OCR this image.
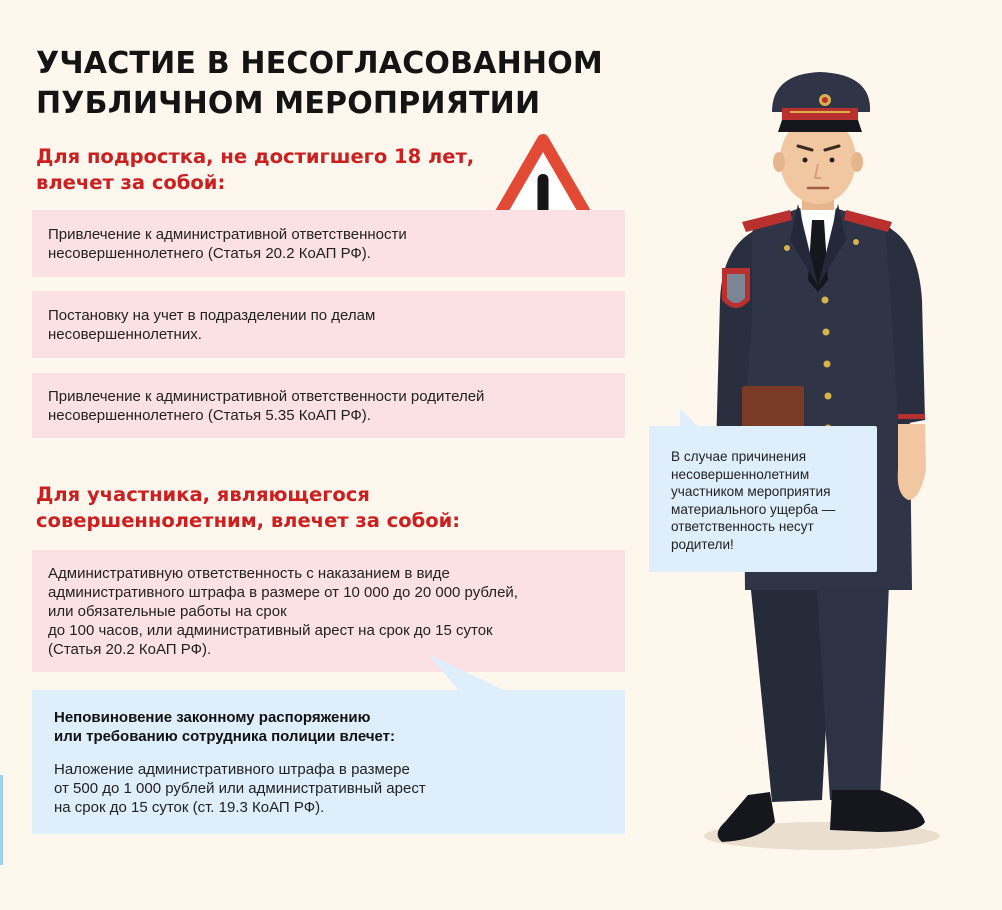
УЧАСТИЕ В НЕСОГЛАСОВАННОМ
ПУБЛИЧНОМ МЕРОПРИЯТИИ
Для подростка, не достигшего 18 лет,
влечет за собой:
Привлечение к административной ответственности
несовершеннолетнего (Статья 20.2 КоАП РФ).
Постановку на учет в подразделении по делам
несовершеннолетних.
Привлечение к административной ответственности родителей
несовершеннолетнего (Статья 5.35 КоАП РФ).
Для участника, являющегося
совершеннолетним, влечет за собой:
Административную ответственность с наказанием в виде
административного штрафа в размере от 10 000 до 20 000 рублей,
или обязательные работы на срок
до 100 часов, или административный арест на срок до 15 суток
(Статья 20.2 КоАП РФ).
Неповиновение законному распоряжению
или требованию сотрудника полиции влечет:
Наложение административного штрафа в размере
от 500 до 1 000 рублей или административный арест
на срок до 15 суток (ст. 19.3 КоАП РФ).
В случае причинения
несовершеннолетним
участником мероприятия
материального ущерба —
ответственность несут
родители!
